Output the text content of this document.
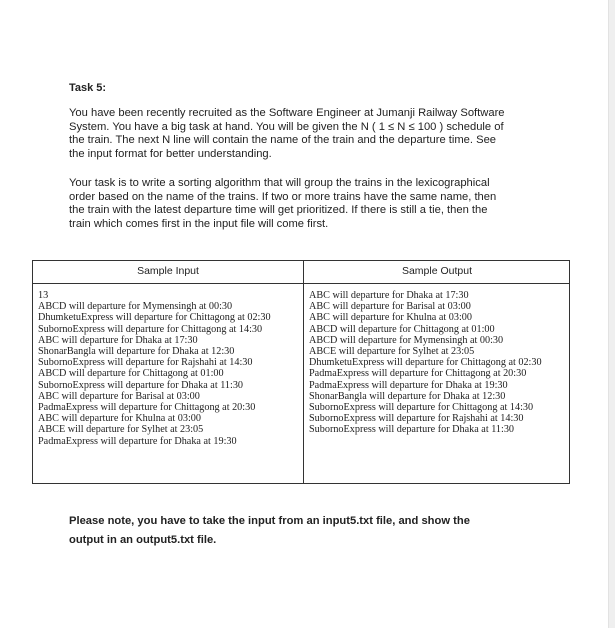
Task 5:
You have been recently recruited as the Software Engineer at Jumanji Railway Software
System. You have a big task at hand. You will be given the N ( 1 ≤ N ≤ 100 ) schedule of
the train. The next N line will contain the name of the train and the departure time. See
the input format for better understanding.
Your task is to write a sorting algorithm that will group the trains in the lexicographical
order based on the name of the trains. If two or more trains have the same name, then
the train with the latest departure time will get prioritized. If there is still a tie, then the
train which comes first in the input file will come first.
Sample Input	Sample Output
13
ABCD will departure for Mymensingh at 00:30
DhumketuExpress will departure for Chittagong at 02:30
SubornoExpress will departure for Chittagong at 14:30
ABC will departure for Dhaka at 17:30
ShonarBangla will departure for Dhaka at 12:30
SubornoExpress will departure for Rajshahi at 14:30
ABCD will departure for Chittagong at 01:00
SubornoExpress will departure for Dhaka at 11:30
ABC will departure for Barisal at 03:00
PadmaExpress will departure for Chittagong at 20:30
ABC will departure for Khulna at 03:00
ABCE will departure for Sylhet at 23:05
PadmaExpress will departure for Dhaka at 19:30
ABC will departure for Dhaka at 17:30
ABC will departure for Barisal at 03:00
ABC will departure for Khulna at 03:00
ABCD will departure for Chittagong at 01:00
ABCD will departure for Mymensingh at 00:30
ABCE will departure for Sylhet at 23:05
DhumketuExpress will departure for Chittagong at 02:30
PadmaExpress will departure for Chittagong at 20:30
PadmaExpress will departure for Dhaka at 19:30
ShonarBangla will departure for Dhaka at 12:30
SubornoExpress will departure for Chittagong at 14:30
SubornoExpress will departure for Rajshahi at 14:30
SubornoExpress will departure for Dhaka at 11:30
Please note, you have to take the input from an input5.txt file, and show the
output in an output5.txt file.
